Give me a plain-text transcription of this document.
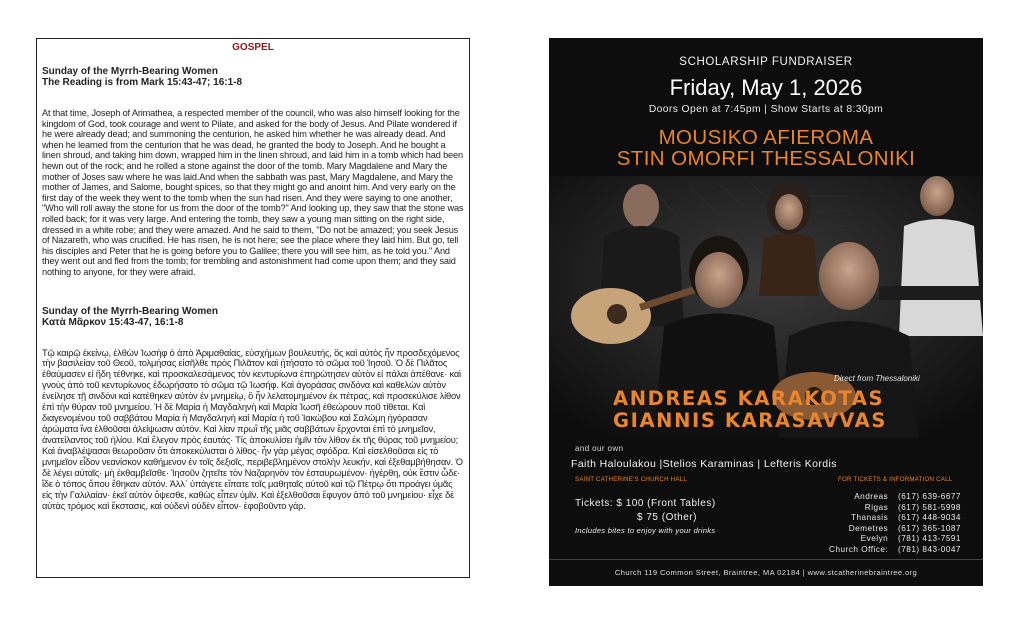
GOSPEL
Sunday of the Myrrh-Bearing Women
The Reading is from Mark 15:43-47; 16:1-8
At that time, Joseph of Arimathea, a respected member of the council, who was also himself looking for the kingdom of God, took courage and went to Pilate, and asked for the body of Jesus. And Pilate wondered if he were already dead; and summoning the centurion, he asked him whether he was already dead. And when he learned from the centurion that he was dead, he granted the body to Joseph. And he bought a linen shroud, and taking him down, wrapped him in the linen shroud, and laid him in a tomb which had been hewn out of the rock; and he rolled a stone against the door of the tomb. Mary Magdalene and Mary the mother of Joses saw where he was laid.And when the sabbath was past, Mary Magdalene, and Mary the mother of James, and Salome, bought spices, so that they might go and anoint him. And very early on the first day of the week they went to the tomb when the sun had risen. And they were saying to one another, "Who will roll away the stone for us from the door of the tomb?" And looking up, they saw that the stone was rolled back; for it was very large. And entering the tomb, they saw a young man sitting on the right side, dressed in a white robe; and they were amazed. And he said to them, "Do not be amazed; you seek Jesus of Nazareth, who was crucified. He has risen, he is not here; see the place where they laid him. But go, tell his disciples and Peter that he is going before you to Galilee; there you will see him, as he told you." And they went out and fled from the tomb; for trembling and astonishment had come upon them; and they said nothing to anyone, for they were afraid.
Sunday of the Myrrh-Bearing Women
Κατὰ Μᾶρκον 15:43-47, 16:1-8
Τῷ καιρῷ ἐκείνῳ, ἐλθὼν Ἰωσὴφ ὁ ἀπὸ Ἀριμαθαίας, εὐσχήμων βουλευτής, ὃς καὶ αὐτὸς ἦν προσδεχόμενος τὴν βασιλείαν τοῦ Θεοῦ, τολμήσας εἰσῆλθε πρὸς Πιλᾶτον καὶ ᾐτήσατο τὸ σῶμα τοῦ Ἰησοῦ. Ὁ δὲ Πιλᾶτος ἐθαύμασεν εἰ ἤδη τέθνηκε, καὶ προσκαλεσάμενος τὸν κεντυρίωνα ἐπηρώτησεν αὐτὸν εἰ πάλαι ἀπέθανε· καὶ γνοὺς ἀπὸ τοῦ κεντυρίωνος ἐδωρήσατο τὸ σῶμα τῷ Ἰωσήφ. Καὶ ἀγοράσας σινδόνα καὶ καθελὼν αὐτὸν ἐνείλησε τῇ σινδόνι καὶ κατέθηκεν αὐτὸν ἐν μνημείῳ, ὃ ἦν λελατομημένον ἐκ πέτρας, καὶ προσεκύλισε λίθον ἐπὶ τὴν θύραν τοῦ μνημείου. Ἡ δὲ Μαρία ἡ Μαγδαληνὴ καὶ Μαρία Ἰωσῆ ἐθεώρουν ποῦ τίθεται. Καὶ διαγενομένου τοῦ σαββάτου Μαρία ἡ Μαγδαληνὴ καὶ Μαρία ἡ τοῦ Ἰακώβου καὶ Σαλώμη ἠγόρασαν ἀρώματα ἵνα ἐλθοῦσαι ἀλείψωσιν αὐτόν. Καὶ λίαν πρωῒ τῆς μιᾶς σαββάτων ἔρχονται ἐπὶ τὸ μνημεῖον, ἀνατείλαντος τοῦ ἡλίου. Καὶ ἔλεγον πρὸς ἑαυτάς· Τίς ἀποκυλίσει ἡμῖν τὸν λίθον ἐκ τῆς θύρας τοῦ μνημείου; Καὶ ἀναβλέψασαι θεωροῦσιν ὅτι ἀποκεκύλισται ὁ λίθος· ἦν γὰρ μέγας σφόδρα. Καὶ εἰσελθοῦσαι εἰς τὸ μνημεῖον εἶδον νεανίσκον καθήμενον ἐν τοῖς δεξιοῖς, περιβεβλημένον στολὴν λευκήν, καὶ ἐξεθαμβήθησαν. Ὁ δὲ λέγει αὐταῖς· μὴ ἐκθαμβεῖσθε· Ἰησοῦν ζητεῖτε τὸν Ναζαρηνὸν τὸν ἐσταυρωμένον· ἠγέρθη, οὐκ ἔστιν ὧδε· ἴδε ὁ τόπος ὅπου ἔθηκαν αὐτόν. Ἀλλ᾽ ὑπάγετε εἴπατε τοῖς μαθηταῖς αὐτοῦ καὶ τῷ Πέτρῳ ὅτι προάγει ὑμᾶς εἰς τὴν Γαλιλαίαν· ἐκεῖ αὐτὸν ὄψεσθε, καθὼς εἶπεν ὑμῖν. Καὶ ἐξελθοῦσαι ἔφυγον ἀπὸ τοῦ μνημείου· εἶχε δὲ αὐτὰς τρόμος καὶ ἔκστασις, καὶ οὐδενὶ οὐδὲν εἶπον· ἐφοβοῦντο γάρ.
SCHOLARSHIP FUNDRAISER
Friday, May 1, 2026
Doors Open at 7:45pm | Show Starts at 8:30pm
MOUSIKO AFIEROMA
STIN OMORFI THESSALONIKI
Direct from Thessaloniki
ANDREAS KARAKOTAS
GIANNIS KARASAVVAS
and our own
Faith Haloulakou |Stelios Karaminas | Lefteris Kordis
SAINT CATHERINE'S CHURCH HALL	FOR TICKETS & INFORMATION CALL
Tickets: $ 100 (Front Tables)
$ 75 (Other)
Includes bites to enjoy with your drinks
Andreas (617) 639-6677
Rigas (617) 581-5998
Thanasis (617) 448-9034
Demetres (617) 365-1087
Evelyn (781) 413-7591
Church Office: (781) 843-0047
Church 119 Common Street, Braintree, MA 02184 | www.stcatherinebraintree.org
